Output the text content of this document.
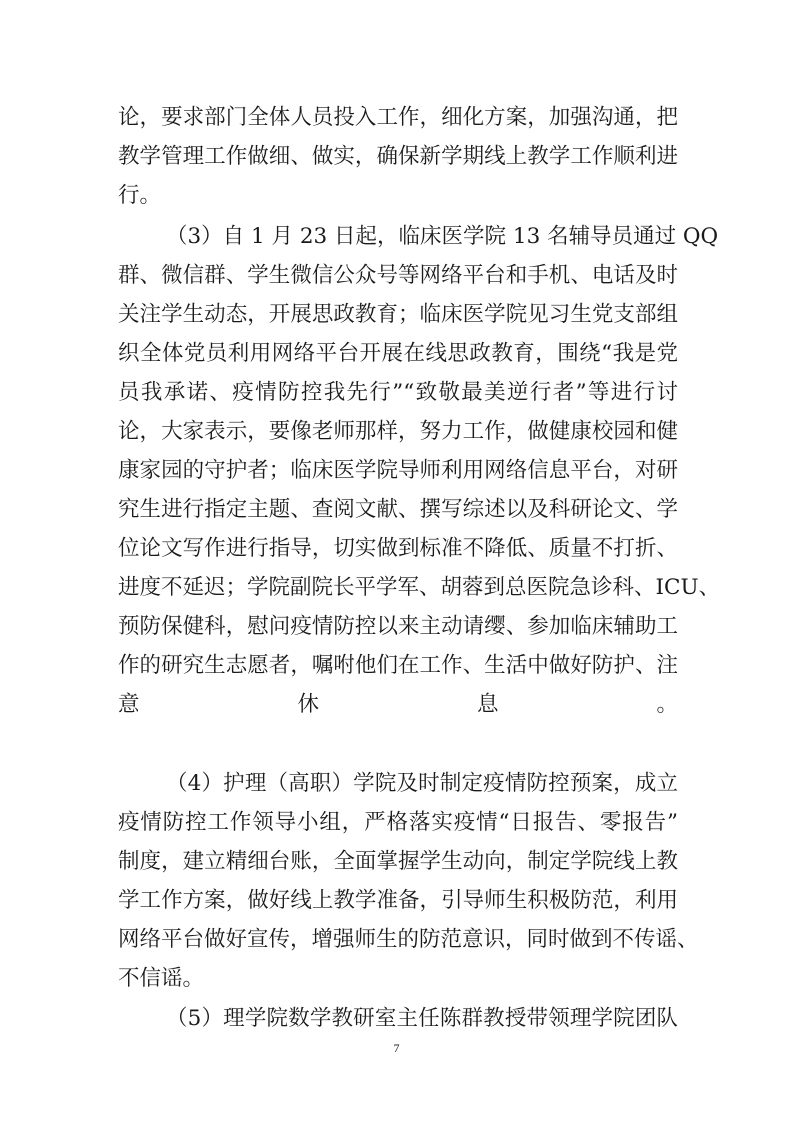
论，要求部门全体人员投入工作，细化方案，加强沟通，把
教学管理工作做细、做实，确保新学期线上教学工作顺利进
行。
（3）自 1 月 23 日起，临床医学院 13 名辅导员通过 QQ
群、微信群、学生微信公众号等网络平台和手机、电话及时
关注学生动态，开展思政教育；临床医学院见习生党支部组
织全体党员利用网络平台开展在线思政教育，围绕“我是党
员我承诺、疫情防控我先行”“致敬最美逆行者”等进行讨
论，大家表示，要像老师那样，努力工作，做健康校园和健
康家园的守护者；临床医学院导师利用网络信息平台，对研
究生进行指定主题、查阅文献、撰写综述以及科研论文、学
位论文写作进行指导，切实做到标准不降低、质量不打折、
进度不延迟；学院副院长平学军、胡蓉到总医院急诊科、ICU、
预防保健科，慰问疫情防控以来主动请缨、参加临床辅助工
作的研究生志愿者，嘱咐他们在工作、生活中做好防护、注
意休息。
（4）护理（高职）学院及时制定疫情防控预案，成立
疫情防控工作领导小组，严格落实疫情“日报告、零报告”
制度，建立精细台账，全面掌握学生动向，制定学院线上教
学工作方案，做好线上教学准备，引导师生积极防范，利用
网络平台做好宣传，增强师生的防范意识，同时做到不传谣、
不信谣。
（5）理学院数学教研室主任陈群教授带领理学院团队
7
